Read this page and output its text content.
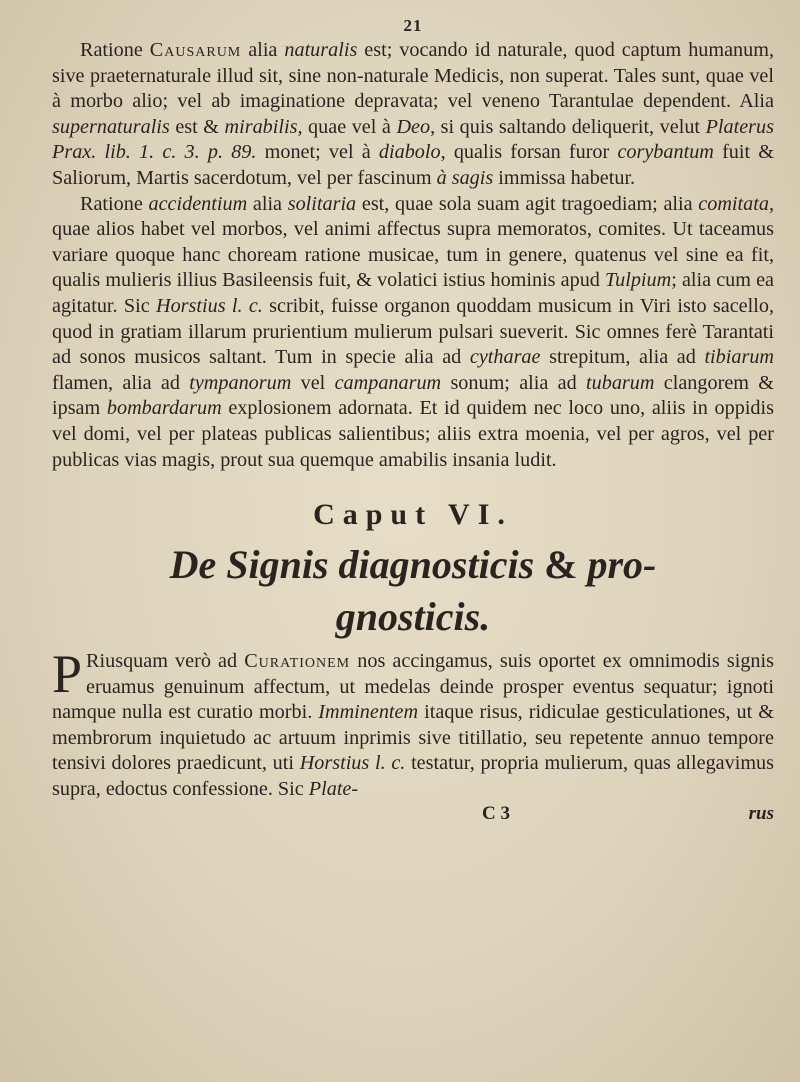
21

Ratione Causarum alia naturalis est; vocando id naturale, quod captum humanum, sive praeternaturale illud sit, sine non-naturale Medicis, non superat. Tales sunt, quae vel à morbo alio; vel ab imaginatione depravata; vel veneno Tarantulae dependent. Alia supernaturalis est & mirabilis, quae vel à Deo, si quis saltando deliquerit, velut Platerus Prax. lib. 1. c. 3. p. 89. monet; vel à diabolo, qualis forsan furor corybantum fuit & Saliorum, Martis sacerdotum, vel per fascinum à sagis immissa habetur.

Ratione accidentium alia solitaria est, quae sola suam agit tragoediam; alia comitata, quae alios habet vel morbos, vel animi affectus supra memoratos, comites. Ut taceamus variare quoque hanc choream ratione musicae, tum in genere, quatenus vel sine ea fit, qualis mulieris illius Basileensis fuit, & volatici istius hominis apud Tulpium; alia cum ea agitatur. Sic Horstius l. c. scribit, fuisse organon quoddam musicum in Viri isto sacello, quod in gratiam illarum prurientium mulierum pulsari sueverit. Sic omnes ferè Tarantati ad sonos musicos saltant. Tum in specie alia ad cytharae strepitum, alia ad tibiarum flamen, alia ad tympanorum vel campanarum sonum; alia ad tubarum clangorem & ipsam bombardarum explosionem adornata. Et id quidem nec loco uno, aliis in oppidis vel domi, vel per plateas publicas salientibus; aliis extra moenia, vel per agros, vel per publicas vias magis, prout sua quemque amabilis insania ludit.

Caput VI.
De Signis diagnosticis & pro-
gnosticis.

P Riusquam verò ad Curationem nos accingamus, suis oportet ex omnimodis signis eruamus genuinum affectum, ut medelas deinde prosper eventus sequatur; ignoti namque nulla est curatio morbi. Imminentem itaque risus, ridiculae gesticulationes, ut & membrorum inquietudo ac artuum inprimis sive titillatio, seu repetente annuo tempore tensivi dolores praedicunt, uti Horstius l. c. testatur, propria mulierum, quas allegavimus supra, edoctus confessione. Sic Plate-

C 3	rus
